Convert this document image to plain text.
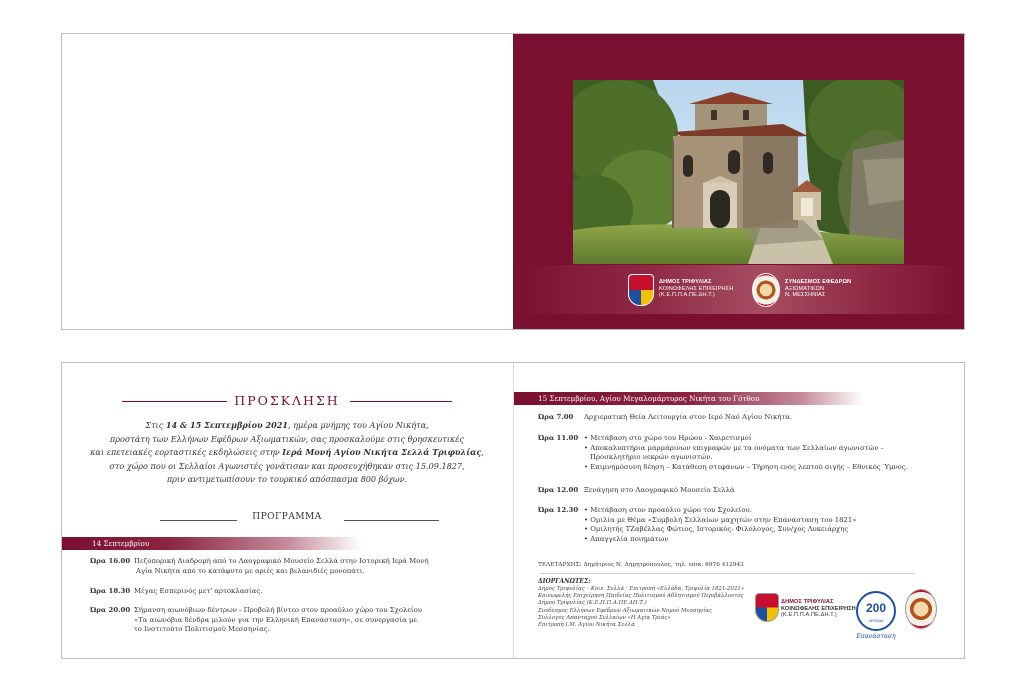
ΔΗΜΟΣ ΤΡΙΦΥΛΙΑΣ
ΚΟΙΝΩΦΕΛΗΣ ΕΠΙΧΕΙΡΗΣΗ
(Κ.Ε.Π.Π.Α.ΠΕ.ΔΗ.Τ.)
ΣΥΝΔΕΣΜΟΣ ΕΦΕΔΡΩΝ
ΑΞΙΩΜΑΤΙΚΩΝ
Ν. ΜΕΣΣΗΝΙΑΣ
ΠΡΟΣΚΛΗΣΗ
Στις 14 & 15 Σεπτεμβρίου 2021, ημέρα μνήμης του Αγίου Νικήτα,
προστάτη των Ελλήνων Εφέδρων Αξιωματικών, σας προσκαλούμε στις θρησκευτικές
και επετειακές εορταστικές εκδηλώσεις στην Ιερά Μονή Αγίου Νικήτα Σελλά Τριφυλίας,
στο χώρο που οι Σελλαίοι Αγωνιστές γονάτισαν και προσευχήθηκαν στις 15.09.1827,
πριν αντιμετωπίσουν το τουρκικό απόσπασμα 800 βόχων.
ΠΡΟΓΡΑΜΜΑ
14 Σεπτεμβρίου
Ώρα 16.00 Πεζοπορική Διαδρομή από το Λαογραφικό Μουσείο Σελλά στην Ιστορική Ιερά Μονή
Αγία Νικήτα από το κατάφυτο με αριές και βελανιδιές μονοπάτι.
Ώρα 18.30 Μέγας Εσπερινός μετ' αρτοκλασίας.
Ώρα 20.00 Σήμανση αιωνόβιων δέντρων - Προβολή βίντεο στον προαύλιο χώρο του Σχολείου
«Τα αιωνόβια δένδρα μιλούν για την Ελληνική Επανάσταση», σε συνεργασία με
το Ινστιτούτο Πολιτισμού Μεσσηνίας.
15 Σεπτεμβρίου, Αγίου Μεγαλομάρτυρος Νικήτα του Γότθου
Ώρα 7.00 Αρχιερατική Θεία Λειτουργία στον Ιερό Ναό Αγίου Νικήτα.
Ώρα 11.00 • Μετάβαση στο χώρο του Ηρώου - Χαιρετισμοί
• Αποκαλυπτήρια μαρμάρινων επιγραφών με τα ονόματα των Σελλαίων αγωνιστών –
Προσκλητήριο νεκρών αγωνιστών.
• Επιμνημόσυνη δέηση – Κατάθεση στεφάνων – Τήρηση ενός λεπτού σιγής – Εθνικός Ύμνος.
Ώρα 12.00 Ξενάγηση στο Λαογραφικό Μουσείο Σελλά
Ώρα 12.30 • Μετάβαση στον προαύλιο χώρο του Σχολείου.
• Ομιλία με Θέμα «Συμβολή Σελλαίων μαχητών στην Επανάσταση του 1821»
• Ομιλητής ΤΖαβέλλας Φώτιος, Ιστορικός- Φιλόλογος, Συν/χος Λυκειάρχης
• Απαγγελία ποιημάτων
ΤΕΛΕΤΑΡΧΗΣ: Δημήτριος Ν. Δημητρόπουλος, τηλ. επικ: 6976 412943
ΔΙΟΡΓΑΝΩΤΕΣ:
Δήμος Τριφυλίας – Κοιν. Σελλά · Επιτροπή «Ελλάδα, Τριφυλία 1821-2021»
Κοινωφελής Επιχείρηση Παιδείας Πολιτισμού Αθλητισμού Περιβάλλοντος
Δήμου Τριφυλίας (Κ.Ε.Π.Π.Α.ΠΕ.ΔΗ.Τ.)
Σύνδεσμος Ελλήνων Εφέδρων Αξιωματικών Νομού Μεσσηνίας
Σύλλογος Απανταχού Σελλαίων «Η Αγία Τριάς»
Επιτροπή Ι.Μ. Αγίου Νικήτα Σελλά
ΔΗΜΟΣ ΤΡΙΦΥΛΙΑΣ
ΚΟΙΝΩΦΕΛΗΣ ΕΠΙΧΕΙΡΗΣΗ
(Κ.Ε.Π.Π.Α.ΠΕ.ΔΗ.Τ.)
200
ΧΡΟΝΙΑ
Επανάσταση
